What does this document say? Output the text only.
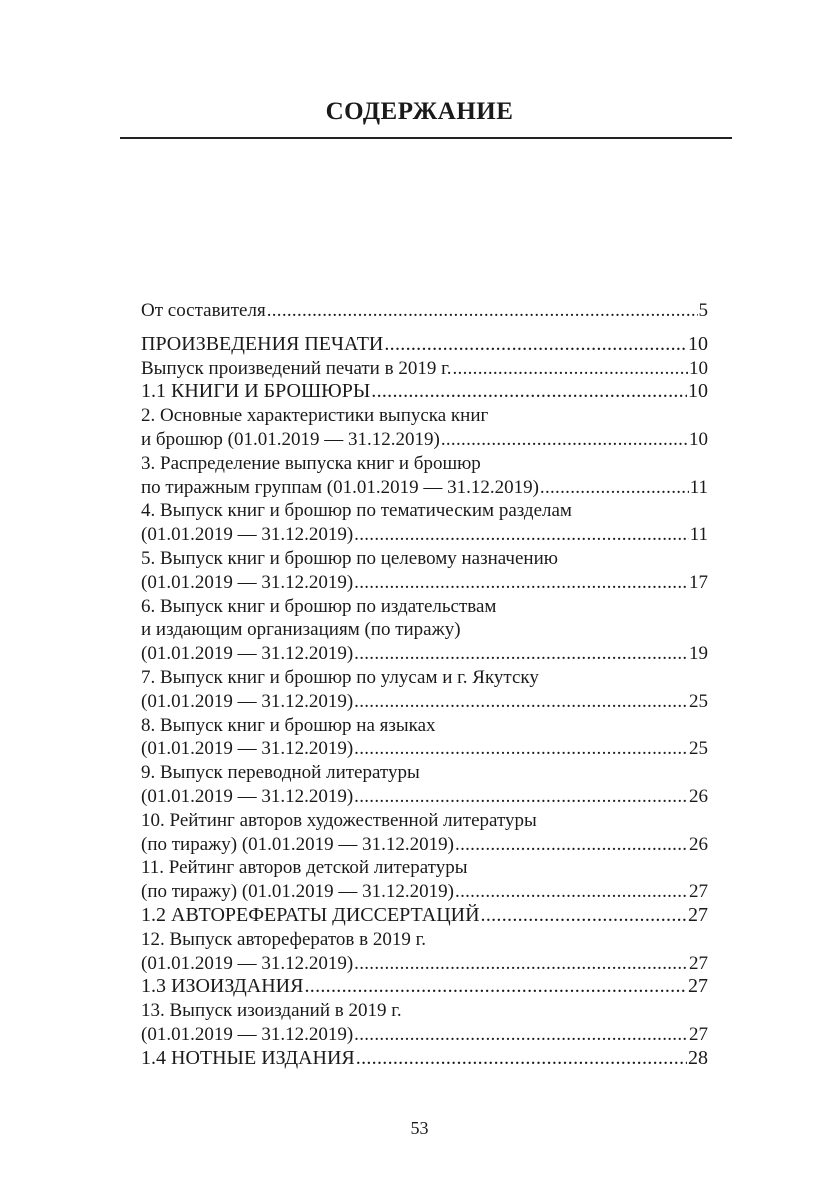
СОДЕРЖАНИЕ
От составителя .....	5
ПРОИЗВЕДЕНИЯ ПЕЧАТИ .....	10
Выпуск произведений печати в 2019 г. .....	10
1.1 КНИГИ И БРОШЮРЫ .....	10
2. Основные характеристики выпуска книг
и брошюр (01.01.2019 — 31.12.2019) .....	10
3. Распределение выпуска книг и брошюр
по тиражным группам (01.01.2019 — 31.12.2019) .....	11
4. Выпуск книг и брошюр по тематическим разделам
(01.01.2019 — 31.12.2019) .....	11
5. Выпуск книг и брошюр по целевому назначению
(01.01.2019 — 31.12.2019) .....	17
6. Выпуск книг и брошюр по издательствам
и издающим организациям (по тиражу)
(01.01.2019 — 31.12.2019) .....	19
7. Выпуск книг и брошюр по улусам и г. Якутску
(01.01.2019 — 31.12.2019) .....	25
8. Выпуск книг и брошюр на языках
(01.01.2019 — 31.12.2019) .....	25
9. Выпуск переводной литературы
(01.01.2019 — 31.12.2019) .....	26
10. Рейтинг авторов художественной литературы
(по тиражу) (01.01.2019 — 31.12.2019) .....	26
11. Рейтинг авторов детской литературы
(по тиражу) (01.01.2019 — 31.12.2019) .....	27
1.2 АВТОРЕФЕРАТЫ ДИССЕРТАЦИЙ .....	27
12. Выпуск авторефератов в 2019 г.
(01.01.2019 — 31.12.2019) .....	27
1.3 ИЗОИЗДАНИЯ .....	27
13. Выпуск изоизданий в 2019 г.
(01.01.2019 — 31.12.2019) .....	27
1.4 НОТНЫЕ ИЗДАНИЯ .....	28
53
